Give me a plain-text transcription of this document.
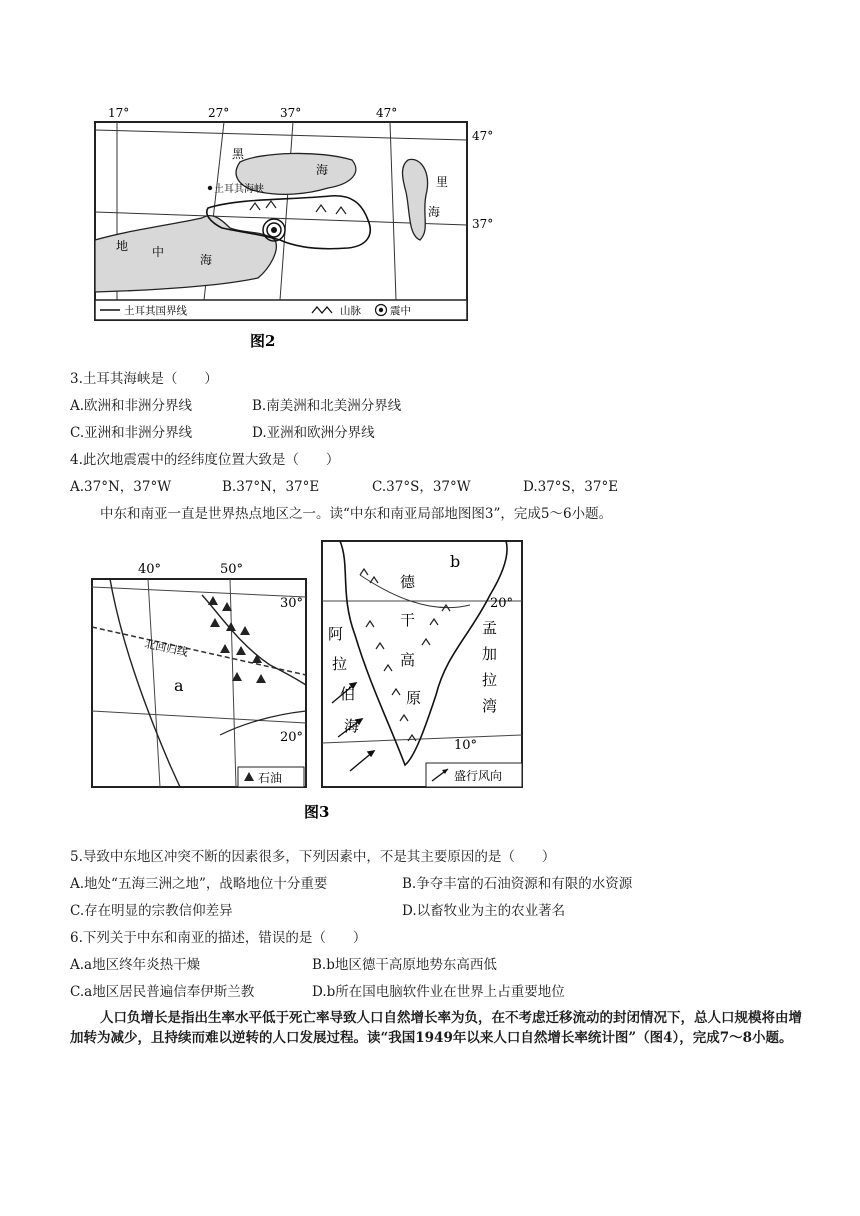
17°	27°	37°	47°
47°
37°
黑
海
里
海
土耳其海峡
地 中
海
土耳其国界线	山脉	震中
图2
3.土耳其海峡是（　　）
A.欧洲和非洲分界线	B.南美洲和北美洲分界线
C.亚洲和非洲分界线	D.亚洲和欧洲分界线
4.此次地震震中的经纬度位置大致是（　　）
A.37°N，37°W	B.37°N，37°E	C.37°S，37°W	D.37°S，37°E
中东和南亚一直是世界热点地区之一。读“中东和南亚局部地图图3”，完成5～6小题。
40°	50°
30°
20°
北回归线
a
石油
20°
10°
b
德
干
高
原
阿
拉
伯
海
孟
加
拉
湾
盛行风向
图3
5.导致中东地区冲突不断的因素很多，下列因素中，不是其主要原因的是（　　）
A.地处“五海三洲之地”，战略地位十分重要	B.争夺丰富的石油资源和有限的水资源
C.存在明显的宗教信仰差异	D.以畜牧业为主的农业著名
6.下列关于中东和南亚的描述，错误的是（　　）
A.a地区终年炎热干燥	B.b地区德干高原地势东高西低
C.a地区居民普遍信奉伊斯兰教	D.b所在国电脑软件业在世界上占重要地位
人口负增长是指出生率水平低于死亡率导致人口自然增长率为负，在不考虑迁移流动的封闭情况下，总人口规模将由增加转为减少，且持续而难以逆转的人口发展过程。读“我国1949年以来人口自然增长率统计图”（图4），完成7～8小题。
